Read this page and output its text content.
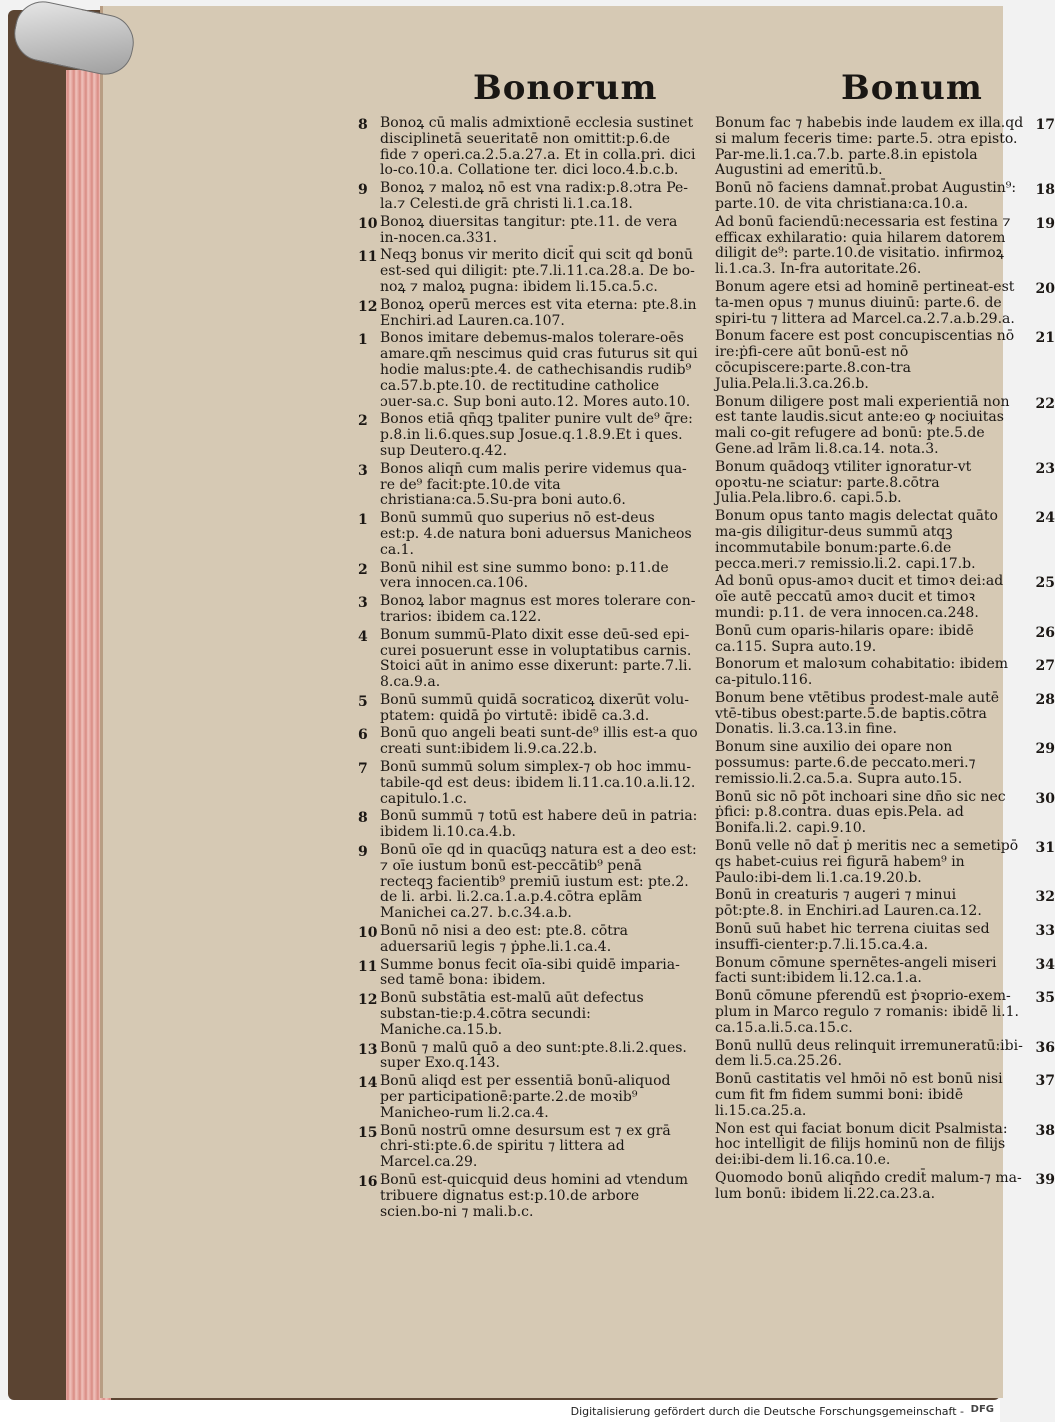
Bonorum	Bonum
8 Bonoꝝ cū malis admixtionē ecclesia sustinet disciplinetā seueritatē non omittit:p.6.de fide ⁊ operi.ca.2.5.a.27.a. Et in colla.pri. dici lo-co.10.a. Collatione ter. dici loco.4.b.c.b.
9 Bonoꝝ ⁊ maloꝝ nō est vna radix:p.8.ɔtra Pe-la.⁊ Celesti.de grā christi li.1.ca.18.
10 Bonoꝝ diuersitas tangitur: pte.11. de vera in-nocen.ca.331.
11 Neqꝫ bonus vir merito dicit̄ qui scit qd bonū est-sed qui diligit: pte.7.li.11.ca.28.a. De bo-noꝝ ⁊ maloꝝ pugna: ibidem li.15.ca.5.c.
12 Bonoꝝ operū merces est vita eterna: pte.8.in Enchiri.ad Lauren.ca.107.
1 Bonos imitare debemus-malos tolerare-oēs amare.qm̄ nescimus quid cras futurus sit qui hodie malus:pte.4. de cathechisandis rudib⁹ ca.57.b.pte.10. de rectitudine catholice ɔuer-sa.c. Sup boni auto.12. Mores auto.10.
2 Bonos etiā qn̄qꝫ tpaliter punire vult de⁹ q̄re: p.8.in li.6.ques.sup Josue.q.1.8.9.Et i ques. sup Deutero.q.42.
3 Bonos aliqn̄ cum malis perire videmus qua-re de⁹ facit:pte.10.de vita christiana:ca.5.Su-pra boni auto.6.
1 Bonū summū quo superius nō est-deus est:p. 4.de natura boni aduersus Manicheos ca.1.
2 Bonū nihil est sine summo bono: p.11.de vera innocen.ca.106.
3 Bonoꝝ labor magnus est mores tolerare con-trarios: ibidem ca.122.
4 Bonum summū-Plato dixit esse deū-sed epi-curei posuerunt esse in voluptatibus carnis. Stoici aūt in animo esse dixerunt: parte.7.li. 8.ca.9.a.
5 Bonū summū quidā socraticoꝝ dixerūt volu-ptatem: quidā ṗo virtutē: ibidē ca.3.d.
6 Bonū quo angeli beati sunt-de⁹ illis est-a quo creati sunt:ibidem li.9.ca.22.b.
7 Bonū summū solum simplex-⁊ ob hoc immu-tabile-qd est deus: ibidem li.11.ca.10.a.li.12. capitulo.1.c.
8 Bonū summū ⁊ totū est habere deū in patria: ibidem li.10.ca.4.b.
9 Bonū oīe qd in quacūqꝫ natura est a deo est: ⁊ oīe iustum bonū est-peccātib⁹ penā recteqꝫ facientib⁹ premiū iustum est: pte.2. de li. arbi. li.2.ca.1.a.p.4.cōtra eplām Manichei ca.27. b.c.34.a.b.
10 Bonū nō nisi a deo est: pte.8. cōtra aduersariū legis ⁊ ṗphe.li.1.ca.4.
11 Summe bonus fecit oīa-sibi quidē imparia-sed tamē bona: ibidem.
12 Bonū substātia est-malū aūt defectus substan-tie:p.4.cōtra secundi: Maniche.ca.15.b.
13 Bonū ⁊ malū quō a deo sunt:pte.8.li.2.ques. super Exo.q.143.
14 Bonū aliqd est per essentiā bonū-aliquod per participationē:parte.2.de moꝛib⁹ Manicheo-rum li.2.ca.4.
15 Bonū nostrū omne desursum est ⁊ ex grā chri-sti:pte.6.de spiritu ⁊ littera ad Marcel.ca.29.
16 Bonū est-quicquid deus homini ad vtendum tribuere dignatus est:p.10.de arbore scien.bo-ni ⁊ mali.b.c.
17
Bonum fac ⁊ habebis inde laudem ex illa.qd si malum feceris time: parte.5. ɔtra episto. Par-me.li.1.ca.7.b. parte.8.in epistola Augustini ad emeritū.b.
18
Bonū nō faciens damnat̄.probat Augustin⁹: parte.10. de vita christiana:ca.10.a.
19
Ad bonū faciendū:necessaria est festina ⁊ efficax exhilaratio: quia hilarem datorem diligit de⁹: parte.10.de visitatio. infirmoꝝ li.1.ca.3. In-fra autoritate.26.
20
Bonum agere etsi ad hominē pertineat-est ta-men opus ⁊ munus diuinū: parte.6. de spiri-tu ⁊ littera ad Marcel.ca.2.7.a.b.29.a.
21
Bonum facere est post concupiscentias nō ire:ṗfi-cere aūt bonū-est nō cōcupiscere:parte.8.con-tra Julia.Pela.li.3.ca.26.b.
22
Bonum diligere post mali experientiā non est tante laudis.sicut ante:eo ꝙ nociuitas mali co-git refugere ad bonū: pte.5.de Gene.ad lrām li.8.ca.14. nota.3.
23
Bonum quādoqꝫ vtiliter ignoratur-vt opoꝛtu-ne sciatur: parte.8.cōtra Julia.Pela.libro.6. capi.5.b.
24
Bonum opus tanto magis delectat quāto ma-gis diligitur-deus summū atqꝫ incommutabile bonum:parte.6.de pecca.meri.⁊ remissio.li.2. capi.17.b.
25
Ad bonū opus-amoꝛ ducit et timoꝛ dei:ad oīe autē peccatū amoꝛ ducit et timoꝛ mundi: p.11. de vera innocen.ca.248.
26
Bonū cum oparis-hilaris opare: ibidē ca.115. Supra auto.19.
27
Bonorum et maloꝛum cohabitatio: ibidem ca-pitulo.116.
28
Bonum bene vtētibus prodest-male autē vtē-tibus obest:parte.5.de baptis.cōtra Donatis. li.3.ca.13.in fine.
29
Bonum sine auxilio dei opare non possumus: parte.6.de peccato.meri.⁊ remissio.li.2.ca.5.a. Supra auto.15.
30
Bonū sic nō pōt inchoari sine dn̄o sic nec ṗfici: p.8.contra. duas epis.Pela. ad Bonifa.li.2. capi.9.10.
31
Bonū velle nō dat̄ ṗ meritis nec a semetipō qs habet-cuius rei figurā habem⁹ in Paulo:ibi-dem li.1.ca.19.20.b.
32
Bonū in creaturis ⁊ augeri ⁊ minui pōt:pte.8. in Enchiri.ad Lauren.ca.12.
33
Bonū suū habet hic terrena ciuitas sed insuffi-cienter:p.7.li.15.ca.4.a.
34
Bonum cōmune spernētes-angeli miseri facti sunt:ibidem li.12.ca.1.a.
35
Bonū cōmune pferendū est ṗꝛoprio-exem-plum in Marco regulo ⁊ romanis: ibidē li.1. ca.15.a.li.5.ca.15.c.
36
Bonū nullū deus relinquit irremuneratū:ibi-dem li.5.ca.25.26.
37
Bonū castitatis vel hmōi nō est bonū nisi cum fit fm fidem summi boni: ibidē li.15.ca.25.a.
38
Non est qui faciat bonum dicit Psalmista: hoc intelligit de filijs hominū non de filijs dei:ibi-dem li.16.ca.10.e.
39
Quomodo bonū aliqn̄do credit̄ malum-⁊ ma-lum bonū: ibidem li.22.ca.23.a.
Digitalisierung gefördert durch die Deutsche Forschungsgemeinschaft - DFG
